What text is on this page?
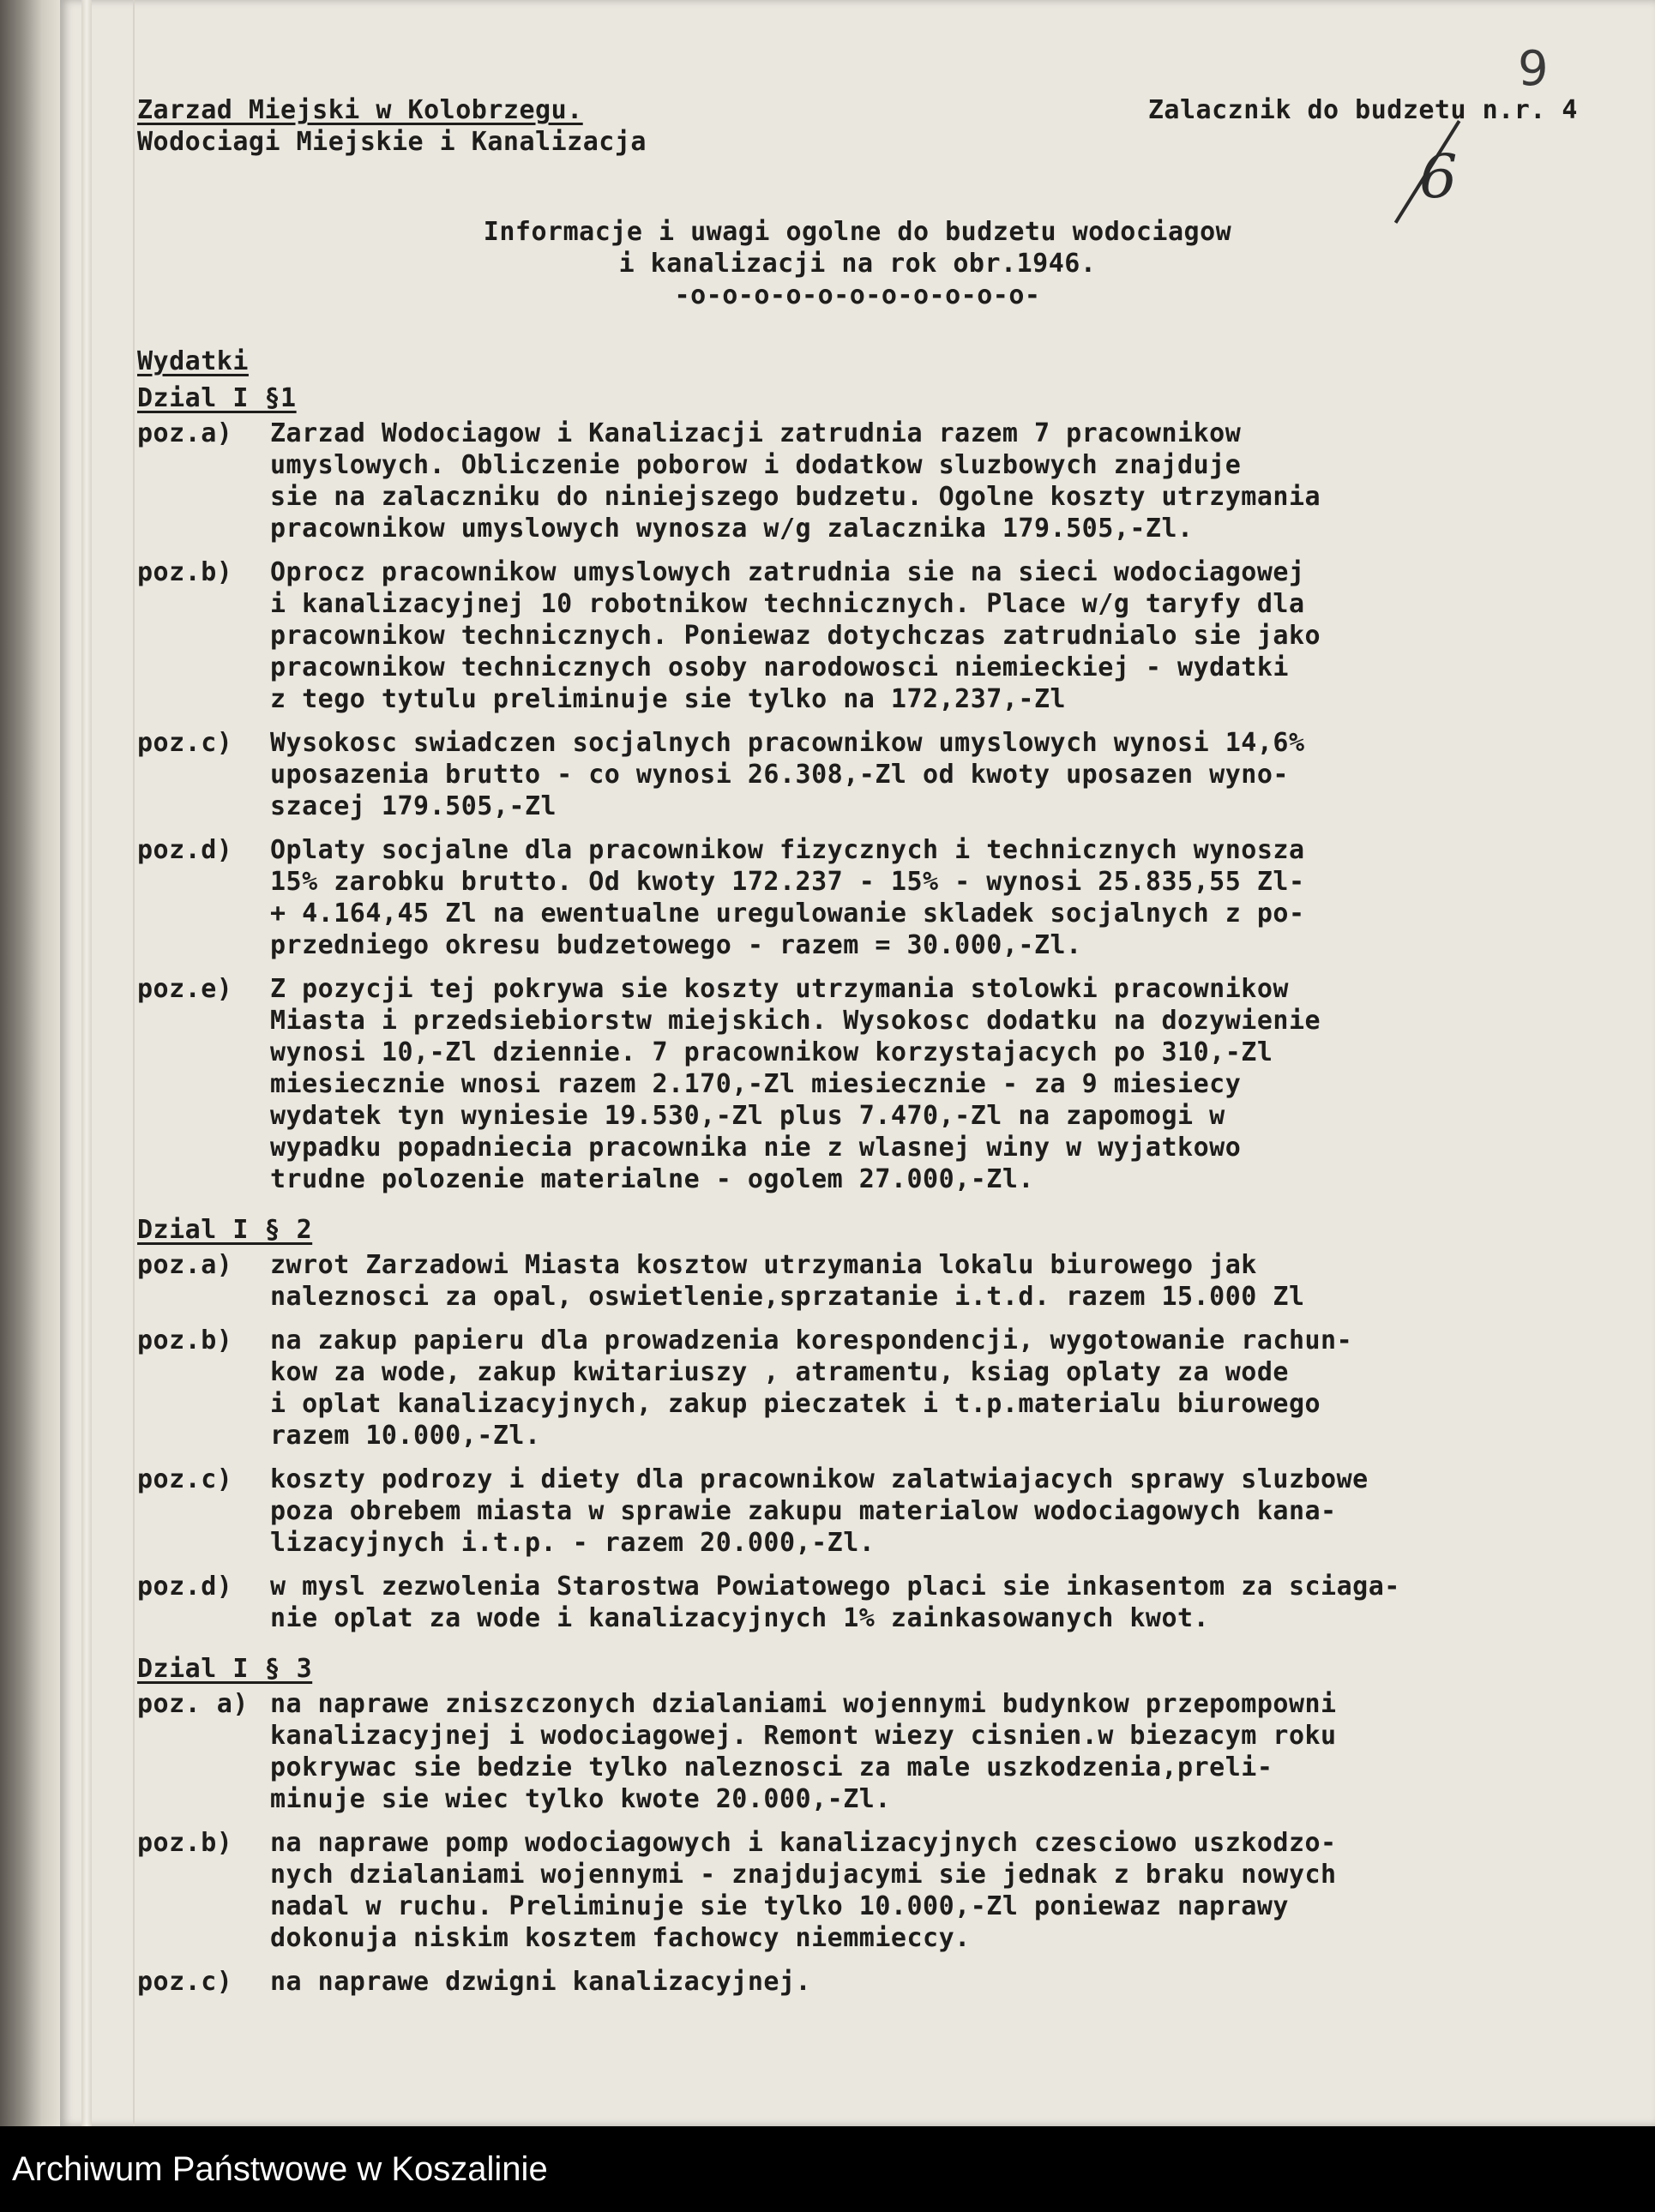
9
6
Zarzad Miejski w Kolobrzegu.
Wodociagi Miejskie i Kanalizacja
Zalacznik do budzetu n.r. 4
Informacje i uwagi ogolne do budzetu wodociagow
i kanalizacji na rok obr.1946.
-o-o-o-o-o-o-o-o-o-o-o-
Wydatki
Dzial I §1
poz.a)	Zarzad Wodociagow i Kanalizacji zatrudnia razem 7 pracownikow
umyslowych. Obliczenie poborow i dodatkow sluzbowych znajduje
sie na zalaczniku do niniejszego budzetu. Ogolne koszty utrzymania
pracownikow umyslowych wynosza w/g zalacznika 179.505,-Zl.
poz.b)	Oprocz pracownikow umyslowych zatrudnia sie na sieci wodociagowej
i kanalizacyjnej 10 robotnikow technicznych. Place w/g taryfy dla
pracownikow technicznych. Poniewaz dotychczas zatrudnialo sie jako
pracownikow technicznych osoby narodowosci niemieckiej - wydatki
z tego tytulu preliminuje sie tylko na 172,237,-Zl
poz.c)	Wysokosc swiadczen socjalnych pracownikow umyslowych wynosi 14,6%
uposazenia brutto - co wynosi 26.308,-Zl od kwoty uposazen wyno-
szacej 179.505,-Zl
poz.d)	Oplaty socjalne dla pracownikow fizycznych i technicznych wynosza
15% zarobku brutto. Od kwoty 172.237 - 15% - wynosi 25.835,55 Zl-
+ 4.164,45 Zl na ewentualne uregulowanie skladek socjalnych z po-
przedniego okresu budzetowego - razem = 30.000,-Zl.
poz.e)	Z pozycji tej pokrywa sie koszty utrzymania stolowki pracownikow
Miasta i przedsiebiorstw miejskich. Wysokosc dodatku na dozywienie
wynosi 10,-Zl dziennie. 7 pracownikow korzystajacych po 310,-Zl
miesiecznie wnosi razem 2.170,-Zl miesiecznie - za 9 miesiecy
wydatek tyn wyniesie 19.530,-Zl plus 7.470,-Zl na zapomogi w
wypadku popadniecia pracownika nie z wlasnej winy w wyjatkowo
trudne polozenie materialne - ogolem 27.000,-Zl.
Dzial I § 2
poz.a)	zwrot Zarzadowi Miasta kosztow utrzymania lokalu biurowego jak
naleznosci za opal, oswietlenie,sprzatanie i.t.d. razem 15.000 Zl
poz.b)	na zakup papieru dla prowadzenia korespondencji, wygotowanie rachun-
kow za wode, zakup kwitariuszy , atramentu, ksiag oplaty za wode
i oplat kanalizacyjnych, zakup pieczatek i t.p.materialu biurowego
razem 10.000,-Zl.
poz.c)	koszty podrozy i diety dla pracownikow zalatwiajacych sprawy sluzbowe
poza obrebem miasta w sprawie zakupu materialow wodociagowych kana-
lizacyjnych i.t.p. - razem 20.000,-Zl.
poz.d)	w mysl zezwolenia Starostwa Powiatowego placi sie inkasentom za sciaga-
nie oplat za wode i kanalizacyjnych 1% zainkasowanych kwot.
Dzial I § 3
poz. a) na naprawe zniszczonych dzialaniami wojennymi budynkow przepompowni
kanalizacyjnej i wodociagowej. Remont wiezy cisnien.w biezacym roku
pokrywac sie bedzie tylko naleznosci za male uszkodzenia,preli-
minuje sie wiec tylko kwote 20.000,-Zl.
poz.b)	na naprawe pomp wodociagowych i kanalizacyjnych czesciowo uszkodzo-
nych dzialaniami wojennymi - znajdujacymi sie jednak z braku nowych
nadal w ruchu. Preliminuje sie tylko 10.000,-Zl poniewaz naprawy
dokonuja niskim kosztem fachowcy niemmieccy.
poz.c)	na naprawe dzwigni kanalizacyjnej.
Archiwum Państwowe w Koszalinie
